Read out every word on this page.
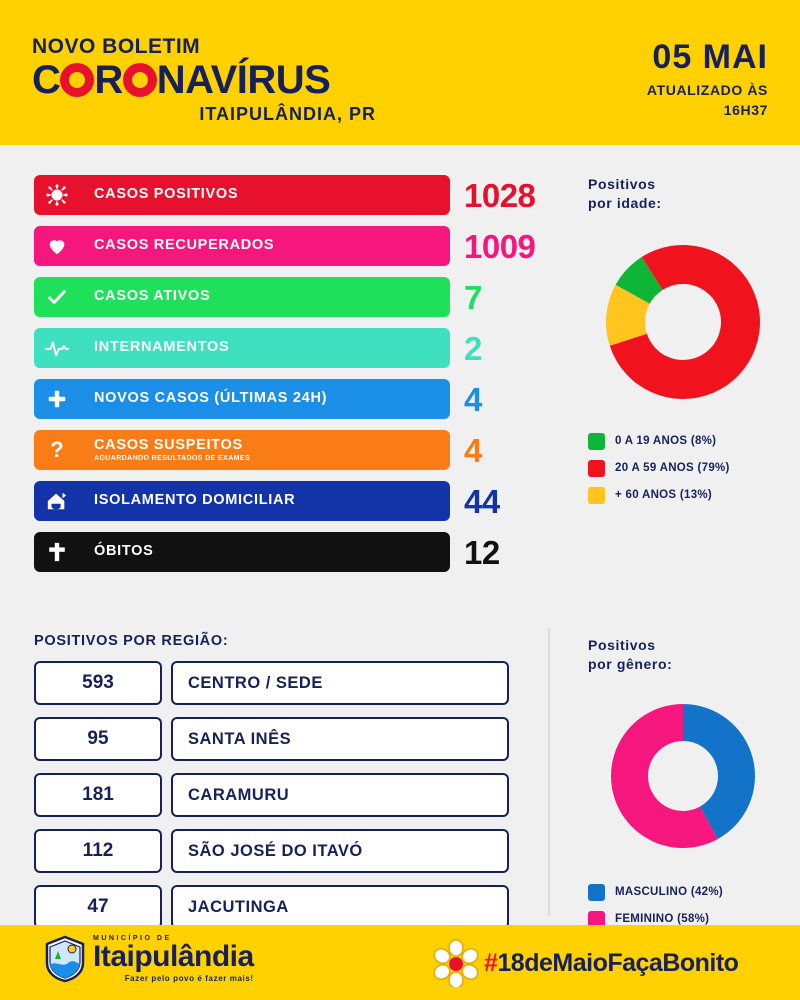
NOVO BOLETIM
C R NAVÍRUS
ITAIPULÂNDIA, PR
05 MAI
ATUALIZADO ÀS
16H37
CASOS POSITIVOS	1028
CASOS RECUPERADOS	1009
CASOS ATIVOS	7
INTERNAMENTOS	2
NOVOS CASOS (ÚLTIMAS 24H)	4
? CASOS SUSPEITOS
AGUARDANDO RESULTADOS DE EXAMES	4
ISOLAMENTO DOMICILIAR	44
ÓBITOS	12
Positivos
por idade:
0 A 19 ANOS (8%)
20 A 59 ANOS (79%)
+ 60 ANOS (13%)
POSITIVOS POR REGIÃO:
593	CENTRO / SEDE
95	SANTA INÊS
181	CARAMURU
112	SÃO JOSÉ DO ITAVÓ
47	JACUTINGA
Positivos
por gênero:
MASCULINO (42%)
FEMININO (58%)
MUNICÍPIO DE
Itaipulândia
Fazer pelo povo é fazer mais!
#18deMaioFaçaBonito
